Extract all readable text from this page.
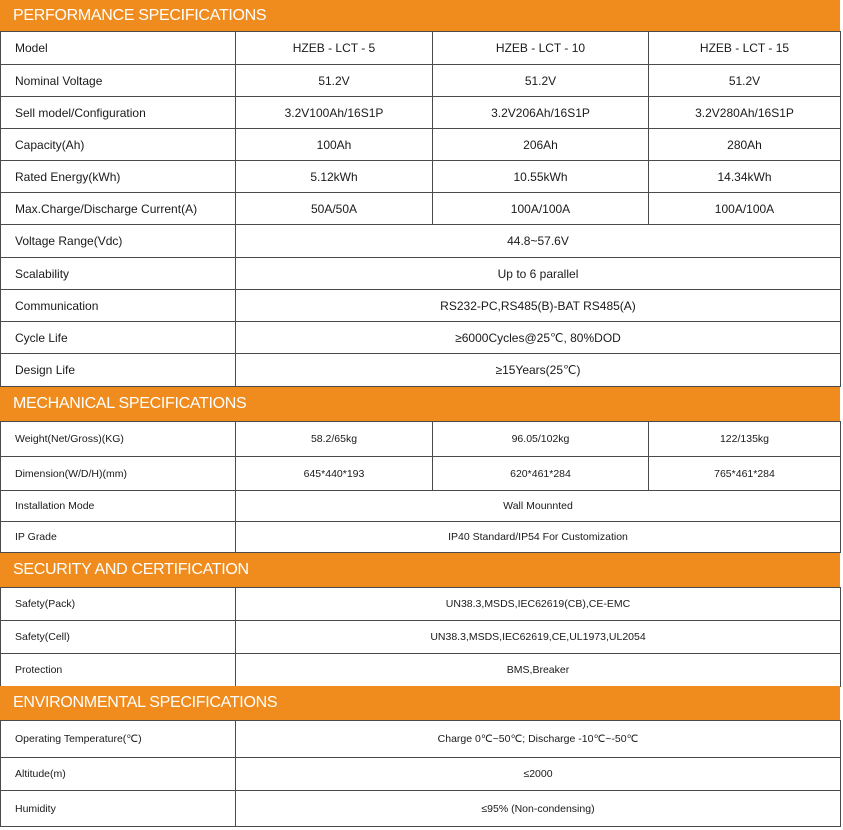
PERFORMANCE SPECIFICATIONS
Model	HZEB - LCT - 5	HZEB - LCT - 10	HZEB - LCT - 15
Nominal Voltage	51.2V	51.2V	51.2V
Sell model/Configuration	3.2V100Ah/16S1P	3.2V206Ah/16S1P	3.2V280Ah/16S1P
Capacity(Ah)	100Ah	206Ah	280Ah
Rated Energy(kWh)	5.12kWh	10.55kWh	14.34kWh
Max.Charge/Discharge Current(A)	50A/50A	100A/100A	100A/100A
Voltage Range(Vdc)	44.8~57.6V		
Scalability	Up to 6 parallel		
Communication	RS232-PC,RS485(B)-BAT RS485(A)		
Cycle Life	≥6000Cycles@25℃, 80%DOD		
Design Life	≥15Years(25℃)		
MECHANICAL SPECIFICATIONS
Weight(Net/Gross)(KG)	58.2/65kg	96.05/102kg	122/135kg
Dimension(W/D/H)(mm)	645*440*193	620*461*284	765*461*284
Installation Mode	Wall Mounnted		
IP Grade	IP40 Standard/IP54 For Customization		
SECURITY AND CERTIFICATION
Safety(Pack)	UN38.3,MSDS,IEC62619(CB),CE-EMC
Safety(Cell)	UN38.3,MSDS,IEC62619,CE,UL1973,UL2054
Protection	BMS,Breaker
ENVIRONMENTAL SPECIFICATIONS
Operating Temperature(℃)	Charge 0℃~50℃; Discharge -10℃~-50℃
Altitude(m)	≤2000
Humidity	≤95% (Non-condensing)
